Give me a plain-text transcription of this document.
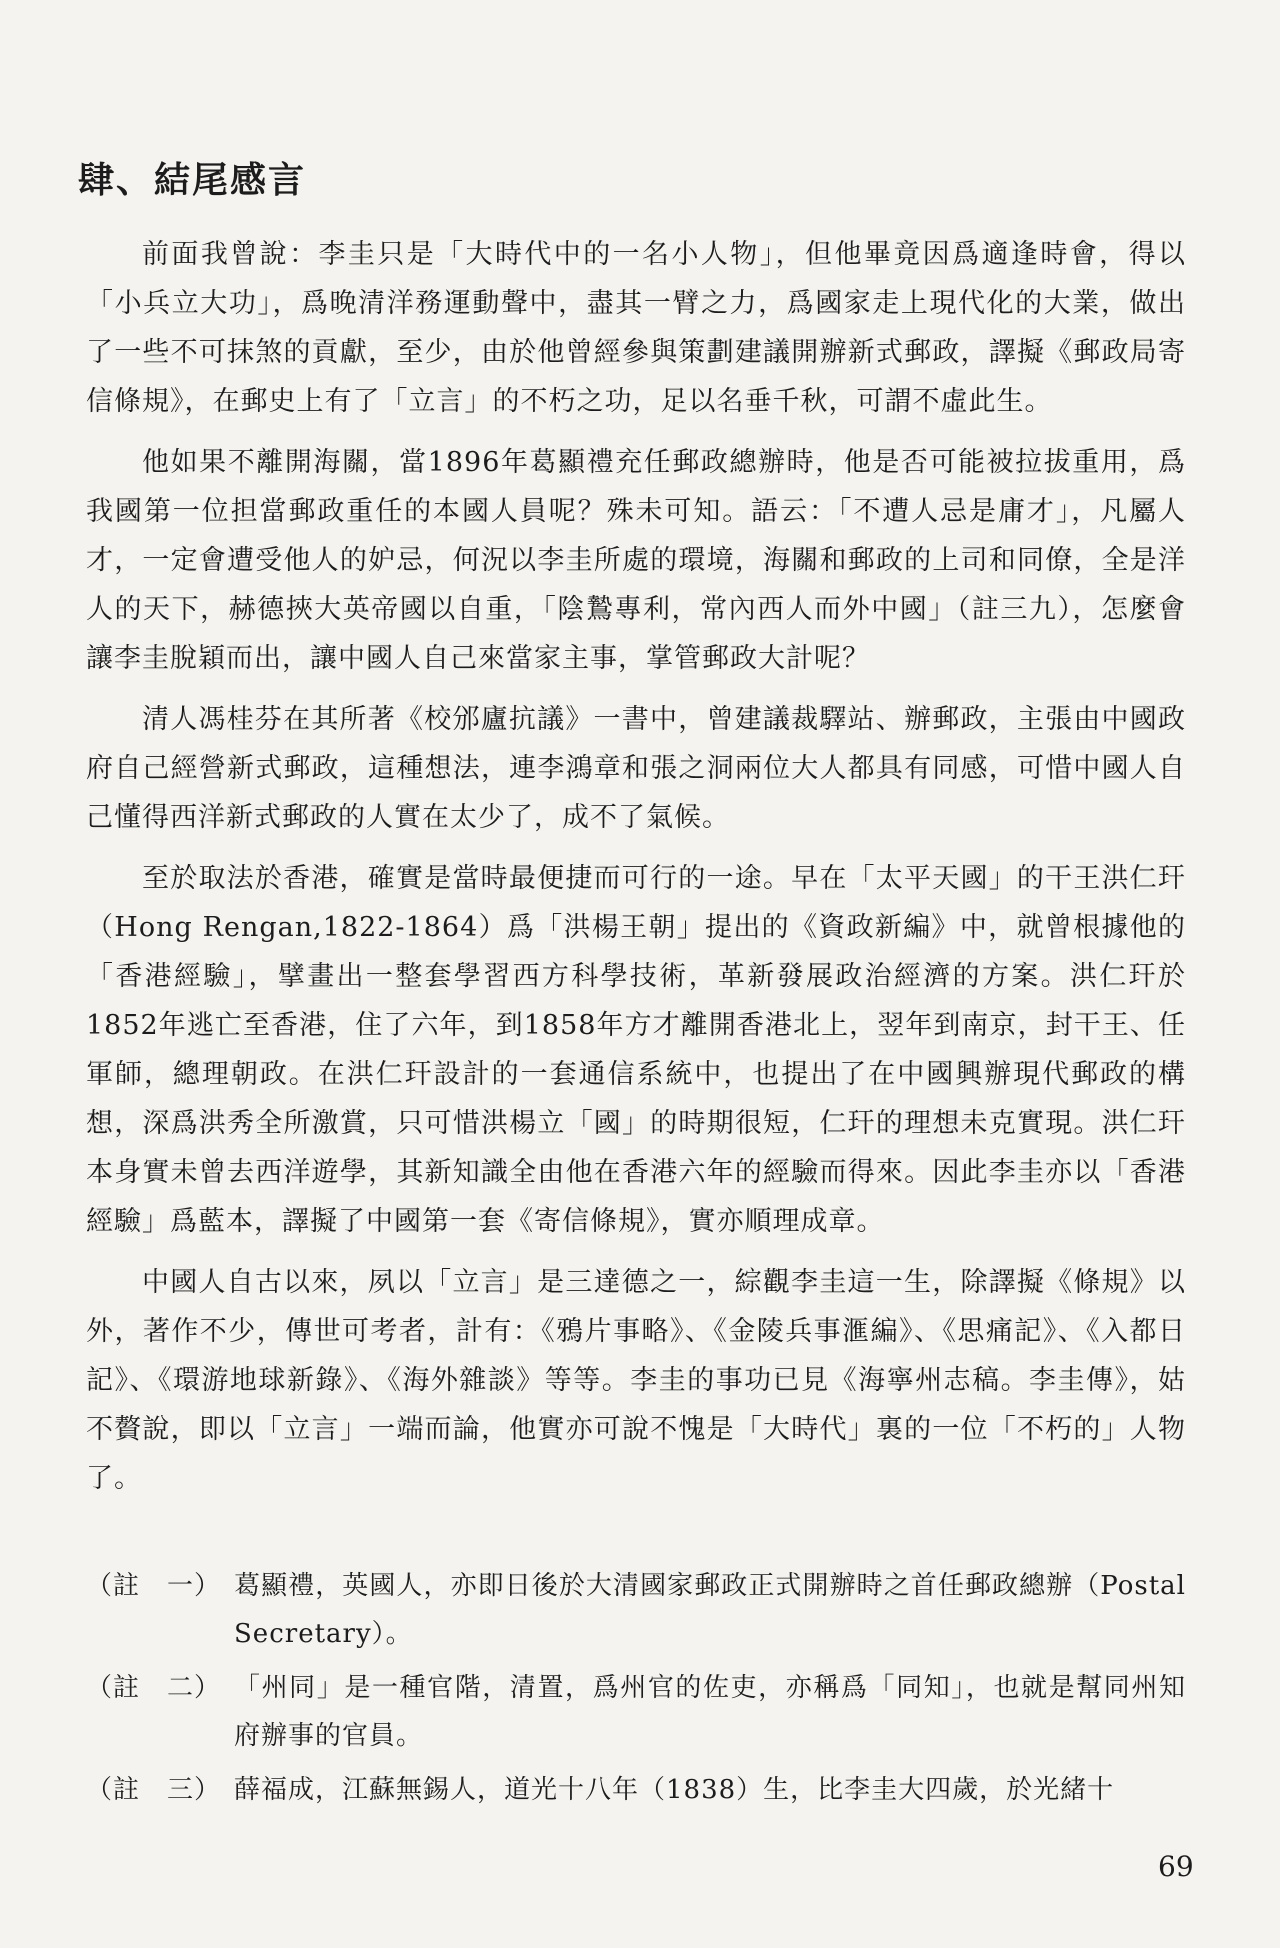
肆、結尾感言

前面我曾說：李圭只是「大時代中的一名小人物」，但他畢竟因爲適逢時會，得以「小兵立大功」，爲晚清洋務運動聲中，盡其一臂之力，爲國家走上現代化的大業，做出了一些不可抹煞的貢獻，至少，由於他曾經參與策劃建議開辦新式郵政，譯擬《郵政局寄信條規》，在郵史上有了「立言」的不朽之功，足以名垂千秋，可謂不虛此生。

他如果不離開海關，當1896年葛顯禮充任郵政總辦時，他是否可能被拉拔重用，爲我國第一位担當郵政重任的本國人員呢？殊未可知。語云：「不遭人忌是庸才」，凡屬人才，一定會遭受他人的妒忌，何況以李圭所處的環境，海關和郵政的上司和同僚，全是洋人的天下，赫德挾大英帝國以自重，「陰鷙專利，常內西人而外中國」（註三九），怎麼會讓李圭脫穎而出，讓中國人自己來當家主事，掌管郵政大計呢？

清人馮桂芬在其所著《校邠廬抗議》一書中，曾建議裁驛站、辦郵政，主張由中國政府自己經營新式郵政，這種想法，連李鴻章和張之洞兩位大人都具有同感，可惜中國人自己懂得西洋新式郵政的人實在太少了，成不了氣候。

至於取法於香港，確實是當時最便捷而可行的一途。早在「太平天國」的干王洪仁玕（Hong Rengan,1822-1864）爲「洪楊王朝」提出的《資政新編》中，就曾根據他的「香港經驗」，擘畫出一整套學習西方科學技術，革新發展政治經濟的方案。洪仁玕於1852年逃亡至香港，住了六年，到1858年方才離開香港北上，翌年到南京，封干王、任軍師，總理朝政。在洪仁玕設計的一套通信系統中，也提出了在中國興辦現代郵政的構想，深爲洪秀全所激賞，只可惜洪楊立「國」的時期很短，仁玕的理想未克實現。洪仁玕本身實未曾去西洋遊學，其新知識全由他在香港六年的經驗而得來。因此李圭亦以「香港經驗」爲藍本，譯擬了中國第一套《寄信條規》，實亦順理成章。

中國人自古以來，夙以「立言」是三達德之一，綜觀李圭這一生，除譯擬《條規》以外，著作不少，傳世可考者，計有：《鴉片事略》、《金陵兵事滙編》、《思痛記》、《入都日記》、《環游地球新錄》、《海外雜談》等等。李圭的事功已見《海寧州志稿。李圭傳》，姑不贅說，即以「立言」一端而論，他實亦可說不愧是「大時代」裏的一位「不朽的」人物了。

（註　一） 葛顯禮，英國人，亦即日後於大清國家郵政正式開辦時之首任郵政總辦（Postal Secretary）。
（註　二） 「州同」是一種官階，清置，爲州官的佐吏，亦稱爲「同知」，也就是幫同州知府辦事的官員。
（註　三） 薛福成，江蘇無錫人，道光十八年（1838）生，比李圭大四歲，於光緒十
69
